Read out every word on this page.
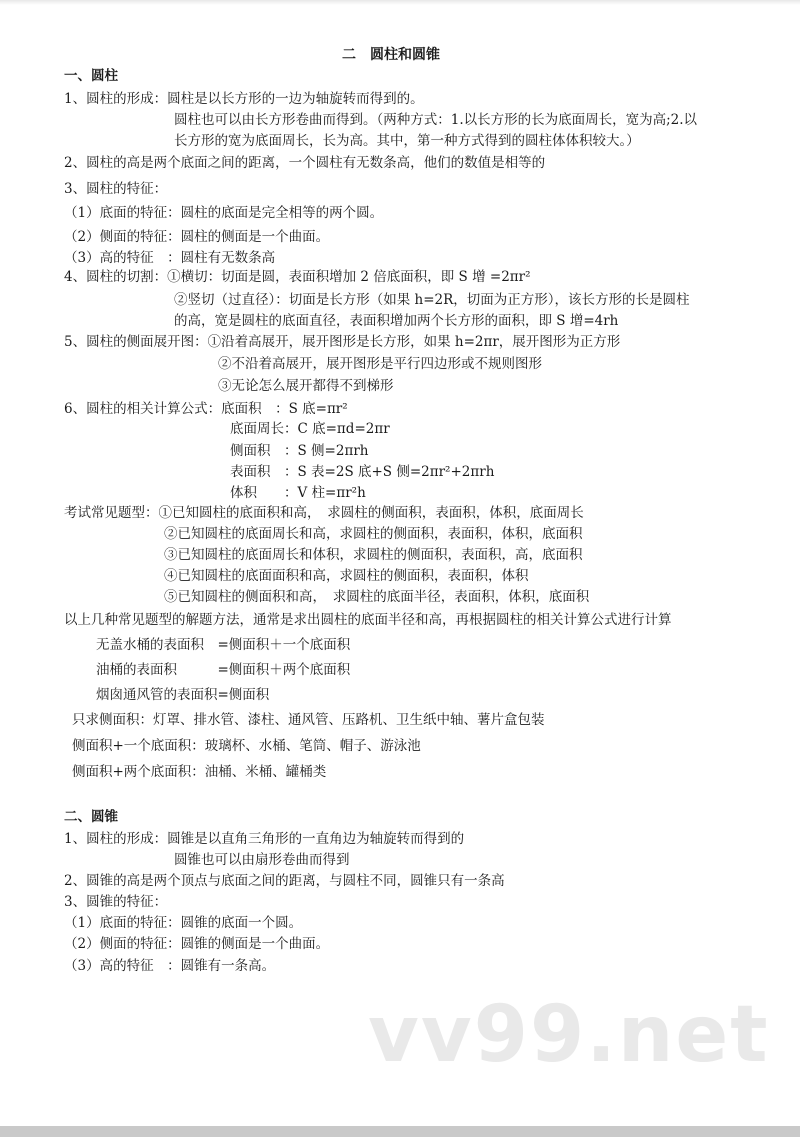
二　圆柱和圆锥
一、圆柱
1、圆柱的形成：圆柱是以长方形的一边为轴旋转而得到的。
圆柱也可以由长方形卷曲而得到。（两种方式：1.以长方形的长为底面周长，宽为高;2.以
长方形的宽为底面周长，长为高。其中，第一种方式得到的圆柱体体积较大。）
2、圆柱的高是两个底面之间的距离，一个圆柱有无数条高，他们的数值是相等的
3、圆柱的特征：
（1）底面的特征：圆柱的底面是完全相等的两个圆。
（2）侧面的特征：圆柱的侧面是一个曲面。
（3）高的特征　：圆柱有无数条高
4、圆柱的切割：①横切：切面是圆，表面积增加 2 倍底面积，即 S 增 =2πr²
②竖切（过直径）：切面是长方形（如果 h=2R，切面为正方形），该长方形的长是圆柱
的高，宽是圆柱的底面直径，表面积增加两个长方形的面积，即 S 增=4rh
5、圆柱的侧面展开图：①沿着高展开，展开图形是长方形，如果 h=2πr，展开图形为正方形
②不沿着高展开，展开图形是平行四边形或不规则图形
③无论怎么展开都得不到梯形
6、圆柱的相关计算公式：底面积　：S 底=πr²
底面周长：C 底=πd=2πr
侧面积　：S 侧=2πrh
表面积　：S 表=2S 底+S 侧=2πr²+2πrh
体积　　：V 柱=πr²h
考试常见题型：①已知圆柱的底面积和高，　求圆柱的侧面积，表面积，体积，底面周长
②已知圆柱的底面周长和高，求圆柱的侧面积，表面积，体积，底面积
③已知圆柱的底面周长和体积，求圆柱的侧面积，表面积，高，底面积
④已知圆柱的底面面积和高，求圆柱的侧面积，表面积，体积
⑤已知圆柱的侧面积和高，　求圆柱的底面半径，表面积，体积，底面积
以上几种常见题型的解题方法，通常是求出圆柱的底面半径和高，再根据圆柱的相关计算公式进行计算
无盖水桶的表面积　=侧面积＋一个底面积
油桶的表面积　　　=侧面积＋两个底面积
烟囱通风管的表面积=侧面积
只求侧面积：灯罩、排水管、漆柱、通风管、压路机、卫生纸中轴、薯片盒包装
侧面积+一个底面积：玻璃杯、水桶、笔筒、帽子、游泳池
侧面积+两个底面积：油桶、米桶、罐桶类
二、圆锥
1、圆柱的形成：圆锥是以直角三角形的一直角边为轴旋转而得到的
圆锥也可以由扇形卷曲而得到
2、圆锥的高是两个顶点与底面之间的距离，与圆柱不同，圆锥只有一条高
3、圆锥的特征：
（1）底面的特征：圆锥的底面一个圆。
（2）侧面的特征：圆锥的侧面是一个曲面。
（3）高的特征　：圆锥有一条高。
vv99.net
